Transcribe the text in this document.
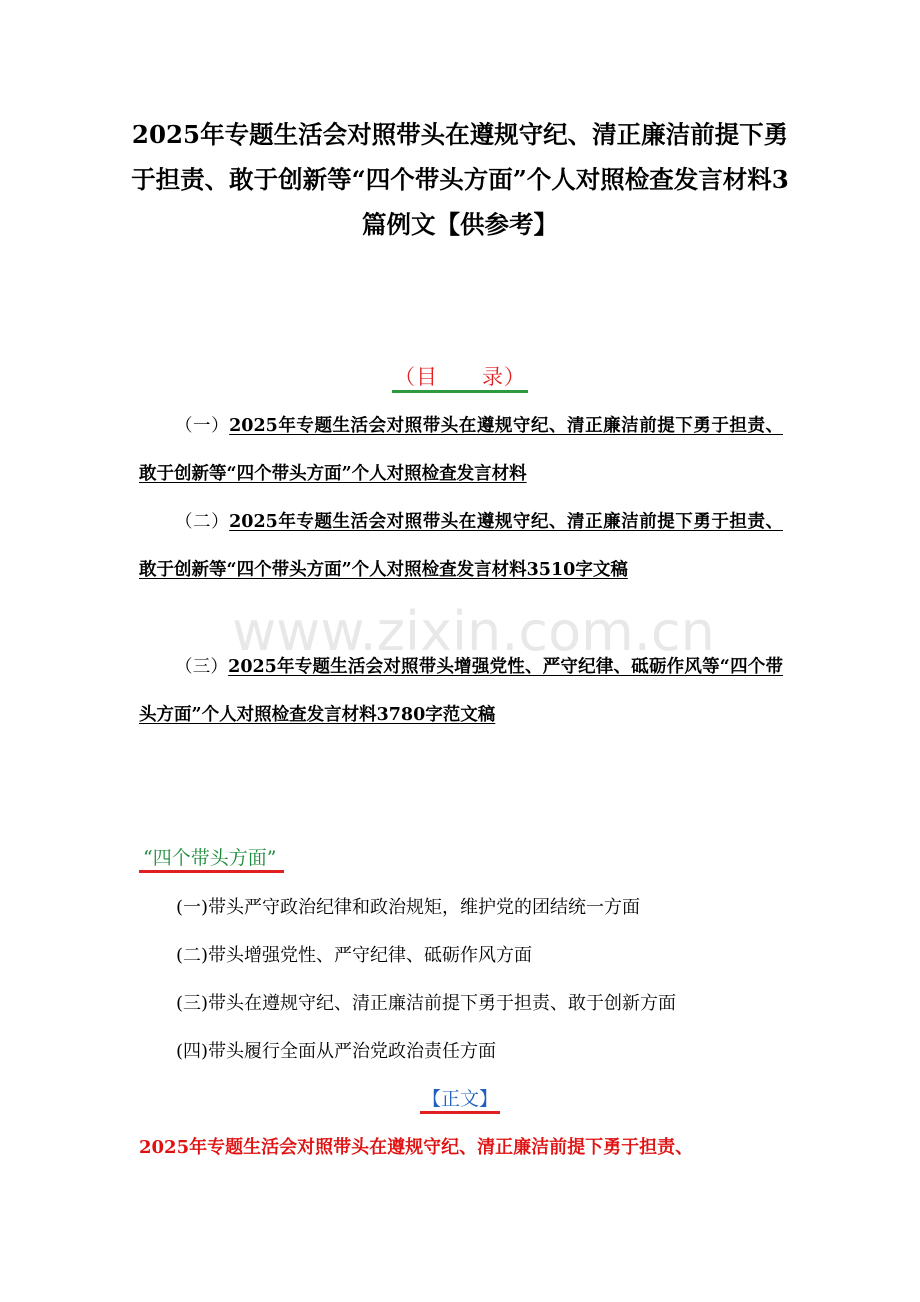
2025年专题生活会对照带头在遵规守纪、清正廉洁前提下勇于担责、敢于创新等“四个带头方面”个人对照检查发言材料3篇例文【供参考】
（目　　录）
（一）2025年专题生活会对照带头在遵规守纪、清正廉洁前提下勇于担责、敢于创新等“四个带头方面”个人对照检查发言材料
（二）2025年专题生活会对照带头在遵规守纪、清正廉洁前提下勇于担责、敢于创新等“四个带头方面”个人对照检查发言材料3510字文稿
（三）2025年专题生活会对照带头增强党性、严守纪律、砥砺作风等“四个带头方面”个人对照检查发言材料3780字范文稿
www.zixin.com.cn
“四个带头方面”
(一)带头严守政治纪律和政治规矩，维护党的团结统一方面
(二)带头增强党性、严守纪律、砥砺作风方面
(三)带头在遵规守纪、清正廉洁前提下勇于担责、敢于创新方面
(四)带头履行全面从严治党政治责任方面
【正文】
2025年专题生活会对照带头在遵规守纪、清正廉洁前提下勇于担责、
